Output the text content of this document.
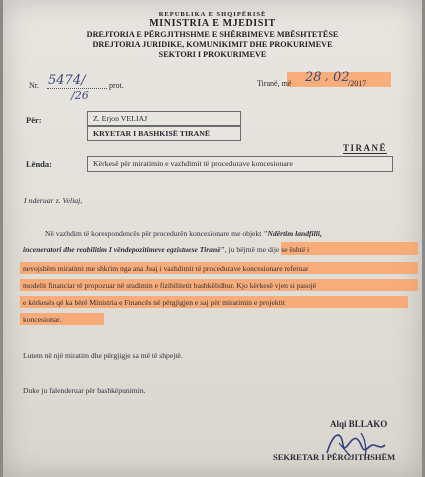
REPUBLIKA E SHQIPËRISË
MINISTRIA E MJEDISIT
DREJTORIA E PËRGJITHSHME E SHËRBIMEVE MBËSHTETËSE
DREJTORIA JURIDIKE, KOMUNIKIMIT DHE PROKURIMEVE
SEKTORI I PROKURIMEVE
Nr. 5474/
/26
prot.	Tiranë, më 28 , 02
/2017
Për:	Z. Erjon VELIAJ
KRYETAR I BASHKISË TIRANË
TIRANË
Lënda:	Kërkesë për miratimin e vazhdimit të procedurave koncesionare
I nderuar z. Veliaj,
Në vazhdim të korespondencës për procedurën koncesionare me objekt "Ndërtim landfilli,
inceneratori dhe reabilitim I vëndepozitimeve egzistuese Tiranë", ju bëjmë me dije se është i
nevojshëm miratimi me shkrim nga ana Juaj i vazhdimit të procedurave koncesionare referuar
modelit financiar të propozuar në studimin e fizibilitetit bashkëlidhur. Kjo kërkesë vjen si pasojë
e kërkesës që ka bërë Ministria e Financës në përgjigjen e saj për miratimin e projektit
koncesionar.
Lutem në një miratim dhe përgjigje sa më të shpejtë.
Duke ju falenderuar për bashkëpunimin.
Alqi BLLAKO
SEKRETAR I PËRGJITHSHËM
